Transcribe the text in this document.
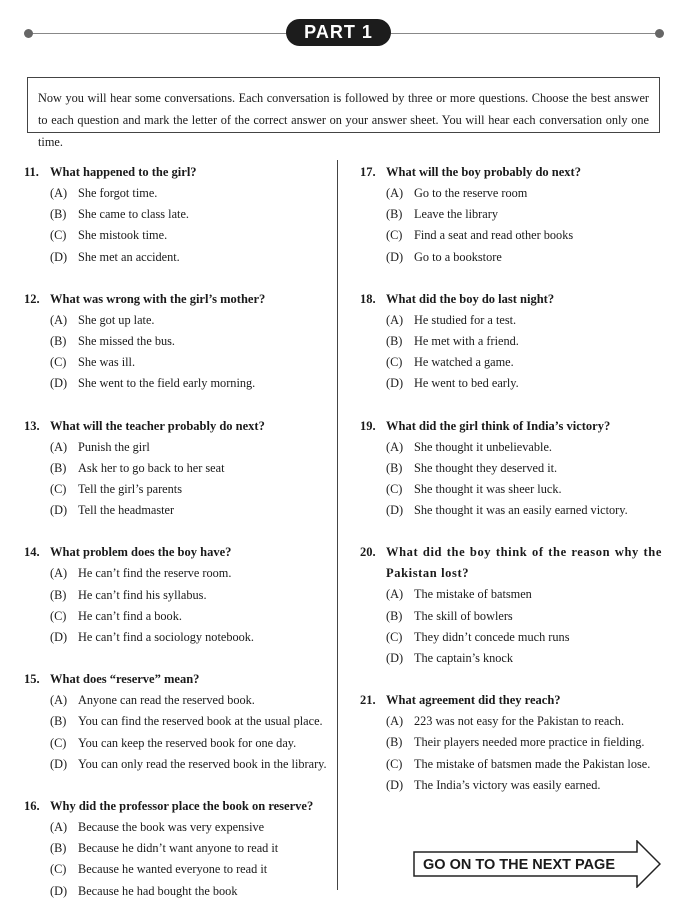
PART 1
Now you will hear some conversations. Each conversation is followed by three or more questions. Choose the best answer to each question and mark the letter of the correct answer on your answer sheet. You will hear each conversation only one time.
11. What happened to the girl?
(A) She forgot time.
(B) She came to class late.
(C) She mistook time.
(D) She met an accident.
12. What was wrong with the girl’s mother?
(A) She got up late.
(B) She missed the bus.
(C) She was ill.
(D) She went to the field early morning.
13. What will the teacher probably do next?
(A) Punish the girl
(B) Ask her to go back to her seat
(C) Tell the girl’s parents
(D) Tell the headmaster
14. What problem does the boy have?
(A) He can’t find the reserve room.
(B) He can’t find his syllabus.
(C) He can’t find a book.
(D) He can’t find a sociology notebook.
15. What does “reserve” mean?
(A) Anyone can read the reserved book.
(B) You can find the reserved book at the usual place.
(C) You can keep the reserved book for one day.
(D) You can only read the reserved book in the library.
16. Why did the professor place the book on reserve?
(A) Because the book was very expensive
(B) Because he didn’t want anyone to read it
(C) Because he wanted everyone to read it
(D) Because he had bought the book
17. What will the boy probably do next?
(A) Go to the reserve room
(B) Leave the library
(C) Find a seat and read other books
(D) Go to a bookstore
18. What did the boy do last night?
(A) He studied for a test.
(B) He met with a friend.
(C) He watched a game.
(D) He went to bed early.
19. What did the girl think of India’s victory?
(A) She thought it unbelievable.
(B) She thought they deserved it.
(C) She thought it was sheer luck.
(D) She thought it was an easily earned victory.
20. What did the boy think of the reason why the Pakistan lost?
(A) The mistake of batsmen
(B) The skill of bowlers
(C) They didn’t concede much runs
(D) The captain’s knock
21. What agreement did they reach?
(A) 223 was not easy for the Pakistan to reach.
(B) Their players needed more practice in fielding.
(C) The mistake of batsmen made the Pakistan lose.
(D) The India’s victory was easily earned.
GO ON TO THE NEXT PAGE
